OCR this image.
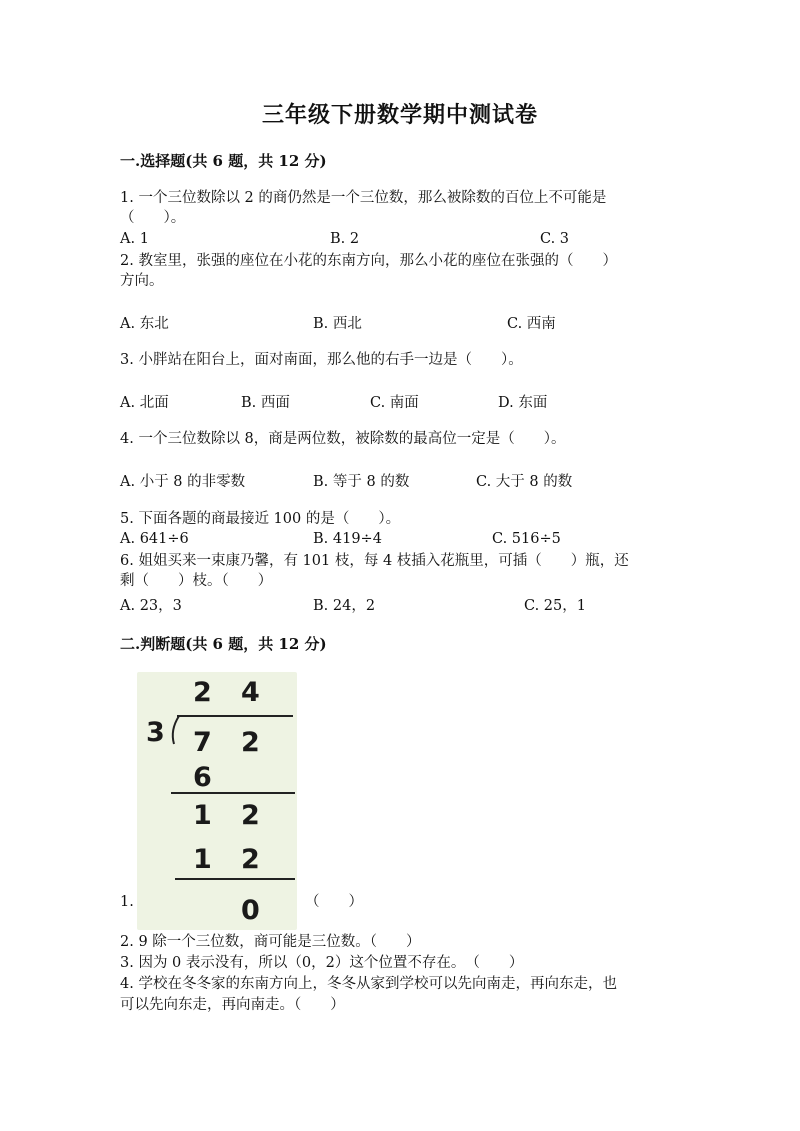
三年级下册数学期中测试卷
一.选择题(共 6 题，共 12 分)
1. 一个三位数除以 2 的商仍然是一个三位数，那么被除数的百位上不可能是
（　　）。
A. 1	B. 2	C. 3
2. 教室里，张强的座位在小花的东南方向，那么小花的座位在张强的（　　）
方向。
A. 东北	B. 西北	C. 西南
3. 小胖站在阳台上，面对南面，那么他的右手一边是（　　）。
A. 北面	B. 西面	C. 南面	D. 东面
4. 一个三位数除以 8，商是两位数，被除数的最高位一定是（　　）。
A. 小于 8 的非零数	B. 等于 8 的数	C. 大于 8 的数
5. 下面各题的商最接近 100 的是（　　）。
A. 641÷6	B. 419÷4	C. 516÷5
6. 姐姐买来一束康乃馨，有 101 枝，每 4 枝插入花瓶里，可插（　　）瓶，还
剩（　　）枝。（　　）
A. 23，3	B. 24，2	C. 25，1
二.判断题(共 6 题，共 12 分)
2 4
3 7 2
6
1 2
1 2
0
1.	（　　）
2. 9 除一个三位数，商可能是三位数。（　　）
3. 因为 0 表示没有，所以（0，2）这个位置不存在。　（　　）
4. 学校在冬冬家的东南方向上，冬冬从家到学校可以先向南走，再向东走，也
可以先向东走，再向南走。（　　）
